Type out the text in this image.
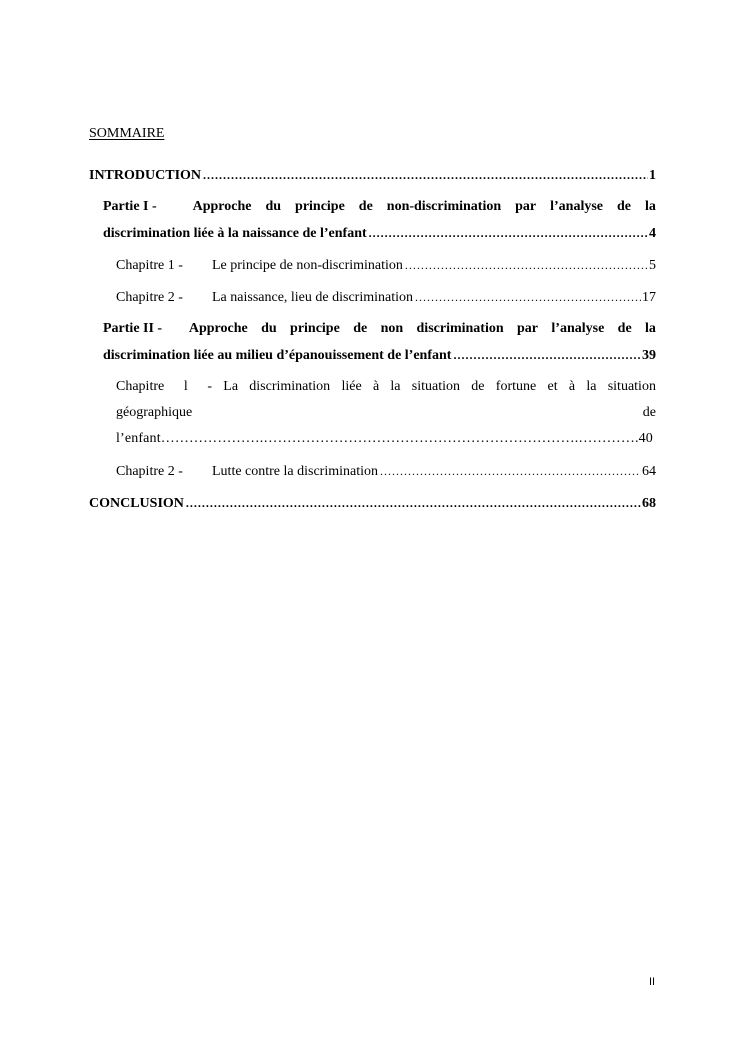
SOMMAIRE
INTRODUCTION .....	1
Partie I -	Approche du principe de non-discrimination par l’analyse de la
discrimination liée à la naissance de l’enfant .....	4
Chapitre 1 -	Le principe de non-discrimination .....	5
Chapitre 2 -	La naissance, lieu de discrimination .....	17
Partie II - Approche du principe de non discrimination par l’analyse de la
discrimination liée au milieu d’épanouissement de l’enfant .....	39
Chapitre l - La discrimination liée à la situation de fortune et à la situation
géographique	de
l’enfant………………….………………………………………………………….………….40
Chapitre 2 -	Lutte contre la discrimination .....	64
CONCLUSION .....	68
II
